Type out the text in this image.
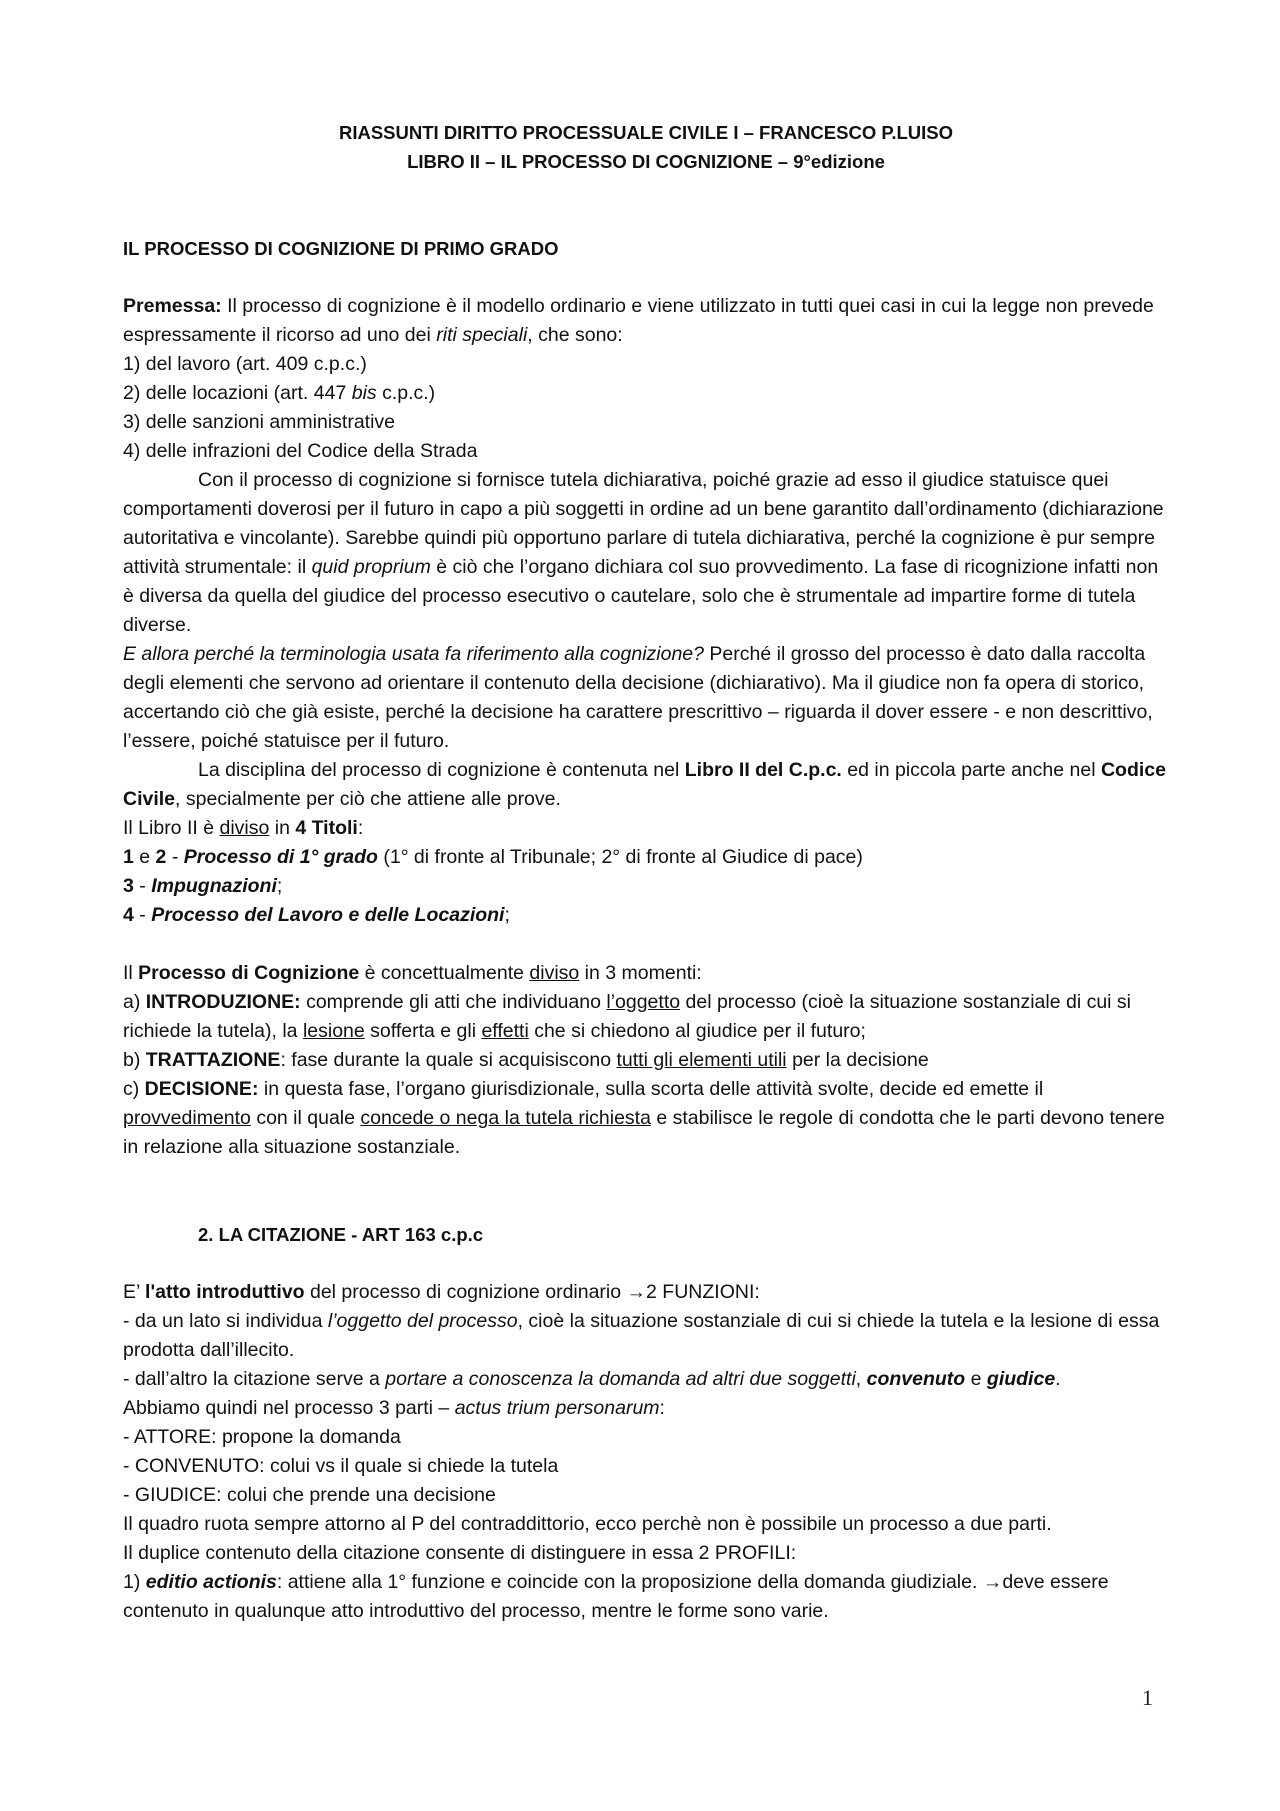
RIASSUNTI DIRITTO PROCESSUALE CIVILE I – FRANCESCO P.LUISO

LIBRO II – IL PROCESSO DI COGNIZIONE – 9°edizione

IL PROCESSO DI COGNIZIONE DI PRIMO GRADO

Premessa: Il processo di cognizione è il modello ordinario e viene utilizzato in tutti quei casi in cui la legge non prevede espressamente il ricorso ad uno dei riti speciali, che sono:

1) del lavoro (art. 409 c.p.c.)

2) delle locazioni (art. 447 bis c.p.c.)

3) delle sanzioni amministrative

4) delle infrazioni del Codice della Strada

Con il processo di cognizione si fornisce tutela dichiarativa, poiché grazie ad esso il giudice statuisce quei comportamenti doverosi per il futuro in capo a più soggetti in ordine ad un bene garantito dall’ordinamento (dichiarazione autoritativa e vincolante). Sarebbe quindi più opportuno parlare di tutela dichiarativa, perché la cognizione è pur sempre attività strumentale: il quid proprium è ciò che l’organo dichiara col suo provvedimento. La fase di ricognizione infatti non è diversa da quella del giudice del processo esecutivo o cautelare, solo che è strumentale ad impartire forme di tutela diverse.

E allora perché la terminologia usata fa riferimento alla cognizione? Perché il grosso del processo è dato dalla raccolta degli elementi che servono ad orientare il contenuto della decisione (dichiarativo). Ma il giudice non fa opera di storico, accertando ciò che già esiste, perché la decisione ha carattere prescrittivo – riguarda il dover essere - e non descrittivo, l’essere, poiché statuisce per il futuro.

La disciplina del processo di cognizione è contenuta nel Libro II del C.p.c. ed in piccola parte anche nel Codice Civile, specialmente per ciò che attiene alle prove.

Il Libro II è diviso in 4 Titoli:

1 e 2 - Processo di 1° grado (1° di fronte al Tribunale; 2° di fronte al Giudice di pace)

3 - Impugnazioni;

4 - Processo del Lavoro e delle Locazioni;

Il Processo di Cognizione è concettualmente diviso in 3 momenti:

a) INTRODUZIONE: comprende gli atti che individuano l’oggetto del processo (cioè la situazione sostanziale di cui si richiede la tutela), la lesione sofferta e gli effetti che si chiedono al giudice per il futuro;

b) TRATTAZIONE: fase durante la quale si acquisiscono tutti gli elementi utili per la decisione

c) DECISIONE: in questa fase, l’organo giurisdizionale, sulla scorta delle attività svolte, decide ed emette il provvedimento con il quale concede o nega la tutela richiesta e stabilisce le regole di condotta che le parti devono tenere in relazione alla situazione sostanziale.

2. LA CITAZIONE - ART 163 c.p.c

E’ l'atto introduttivo del processo di cognizione ordinario →2 FUNZIONI:

- da un lato si individua l’oggetto del processo, cioè la situazione sostanziale di cui si chiede la tutela e la lesione di essa prodotta dall’illecito.

- dall’altro la citazione serve a portare a conoscenza la domanda ad altri due soggetti, convenuto e giudice.

Abbiamo quindi nel processo 3 parti – actus trium personarum:

- ATTORE: propone la domanda

- CONVENUTO: colui vs il quale si chiede la tutela

- GIUDICE: colui che prende una decisione

Il quadro ruota sempre attorno al P del contraddittorio, ecco perchè non è possibile un processo a due parti.

Il duplice contenuto della citazione consente di distinguere in essa 2 PROFILI:

1) editio actionis: attiene alla 1° funzione e coincide con la proposizione della domanda giudiziale. →deve essere contenuto in qualunque atto introduttivo del processo, mentre le forme sono varie.

1
